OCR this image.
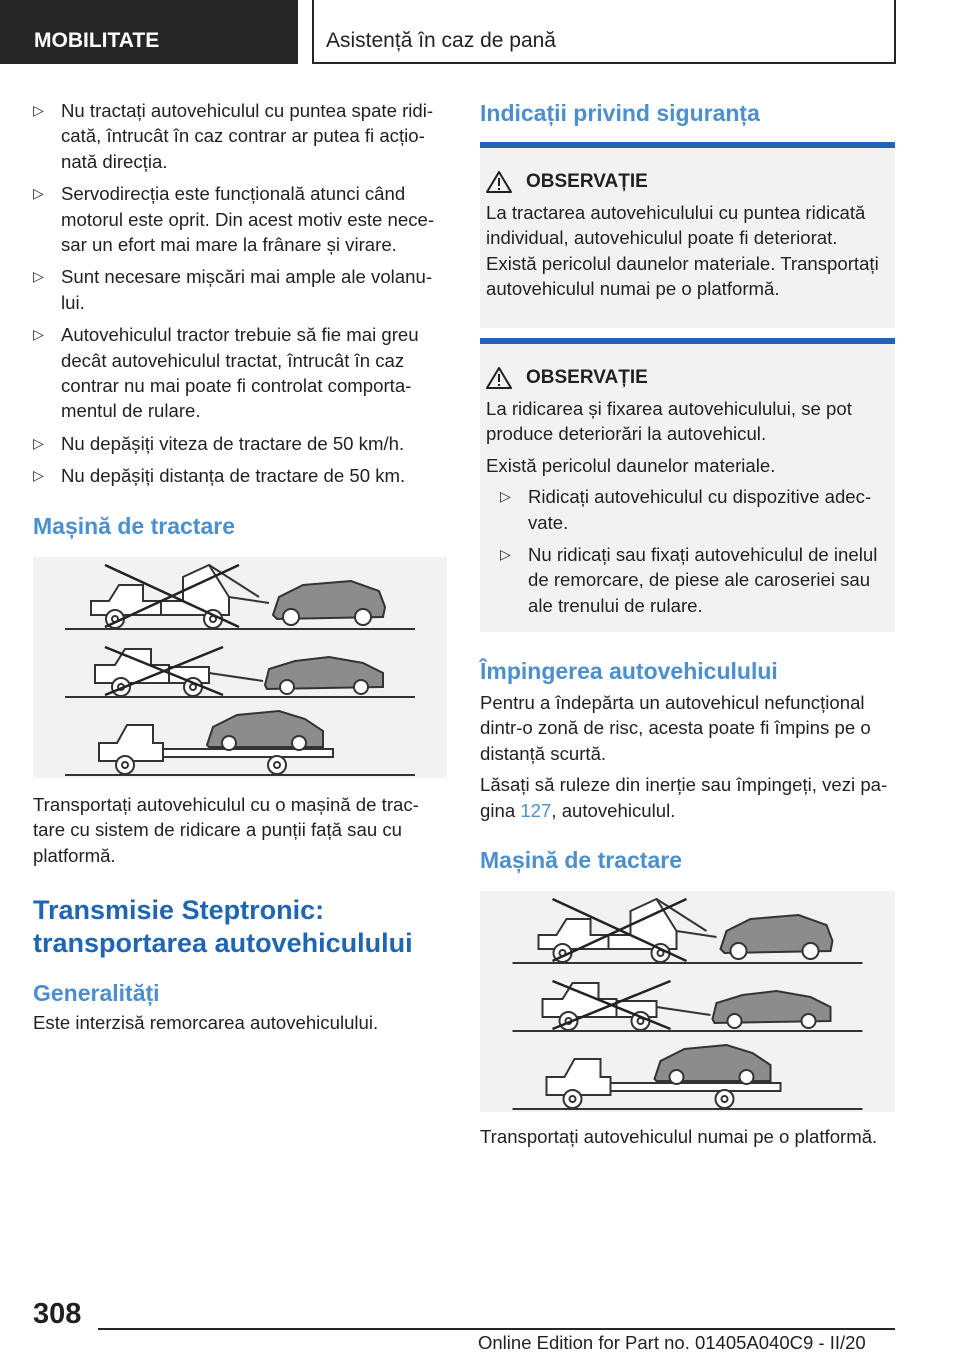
MOBILITATE	Asistență în caz de pană
▷ Nu tractați autovehiculul cu puntea spate ridi-cată, întrucât în caz contrar ar putea fi acțio-nată direcția.
▷ Servodirecția este funcțională atunci când motorul este oprit. Din acest motiv este nece-sar un efort mai mare la frânare și virare.
▷ Sunt necesare mișcări mai ample ale volanu-lui.
▷ Autovehiculul tractor trebuie să fie mai greu decât autovehiculul tractat, întrucât în caz contrar nu mai poate fi controlat comporta-mentul de rulare.
▷ Nu depășiți viteza de tractare de 50 km/h.
▷ Nu depășiți distanța de tractare de 50 km.
Mașină de tractare

Transportați autovehiculul cu o mașină de trac-tare cu sistem de ridicare a punții față sau cu platformă.

Transmisie Steptronic:
transportarea autovehiculului
Generalități

Este interzisă remorcarea autovehiculului.

Indicații privind siguranța
OBSERVAȚIE

La tractarea autovehiculului cu puntea ridicată individual, autovehiculul poate fi deteriorat. Există pericolul daunelor materiale. Transportați autovehiculul numai pe o platformă.

OBSERVAȚIE

La ridicarea și fixarea autovehiculului, se pot produce deteriorări la autovehicul.

Există pericolul daunelor materiale.

▷ Ridicați autovehiculul cu dispozitive adec-vate.
▷ Nu ridicați sau fixați autovehiculul de inelul de remorcare, de piese ale caroseriei sau ale trenului de rulare.
Împingerea autovehiculului

Pentru a îndepărta un autovehicul nefuncțional dintr-o zonă de risc, acesta poate fi împins pe o distanță scurtă.

Lăsați să ruleze din inerție sau împingeți, vezi pa-gina 127, autovehiculul.

Mașină de tractare

Transportați autovehiculul numai pe o platformă.

308
Online Edition for Part no. 01405A040C9 - II/20
